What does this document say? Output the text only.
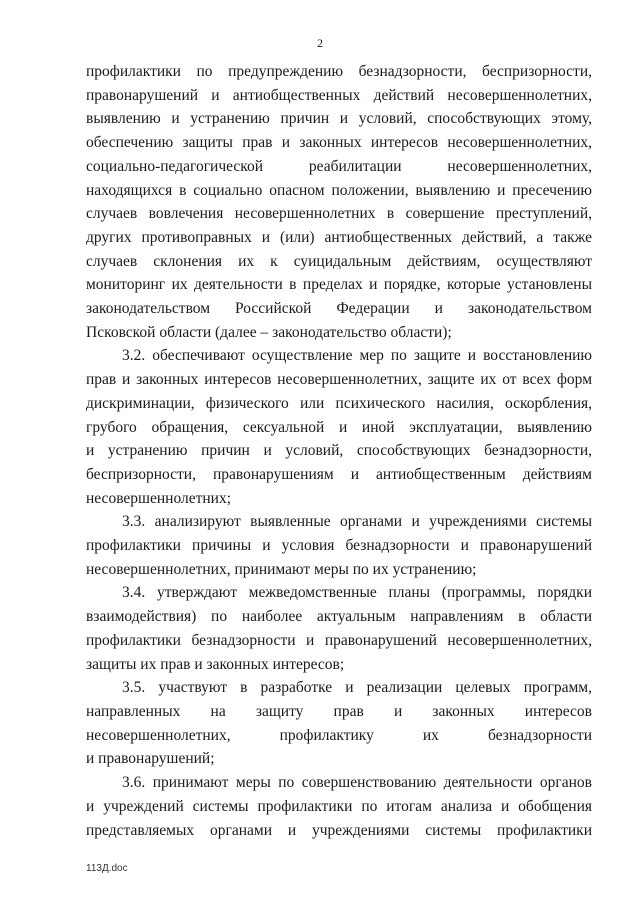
2
профилактики по предупреждению безнадзорности, беспризорности,
правонарушений и антиобщественных действий несовершеннолетних,
выявлению и устранению причин и условий, способствующих этому,
обеспечению защиты прав и законных интересов несовершеннолетних,
социально-педагогической реабилитации несовершеннолетних,
находящихся в социально опасном положении, выявлению и пресечению
случаев вовлечения несовершеннолетних в совершение преступлений,
других противоправных и (или) антиобщественных действий, а также
случаев склонения их к суицидальным действиям, осуществляют
мониторинг их деятельности в пределах и порядке, которые установлены
законодательством Российской Федерации и законодательством
Псковской области (далее – законодательство области);
3.2. обеспечивают осуществление мер по защите и восстановлению
прав и законных интересов несовершеннолетних, защите их от всех форм
дискриминации, физического или психического насилия, оскорбления,
грубого обращения, сексуальной и иной эксплуатации, выявлению
и устранению причин и условий, способствующих безнадзорности,
беспризорности, правонарушениям и антиобщественным действиям
несовершеннолетних;
3.3. анализируют выявленные органами и учреждениями системы
профилактики причины и условия безнадзорности и правонарушений
несовершеннолетних, принимают меры по их устранению;
3.4. утверждают межведомственные планы (программы, порядки
взаимодействия) по наиболее актуальным направлениям в области
профилактики безнадзорности и правонарушений несовершеннолетних,
защиты их прав и законных интересов;
3.5. участвуют в разработке и реализации целевых программ,
направленных на защиту прав и законных интересов
несовершеннолетних, профилактику их безнадзорности
и правонарушений;
3.6. принимают меры по совершенствованию деятельности органов
и учреждений системы профилактики по итогам анализа и обобщения
представляемых органами и учреждениями системы профилактики
113Д.doc
